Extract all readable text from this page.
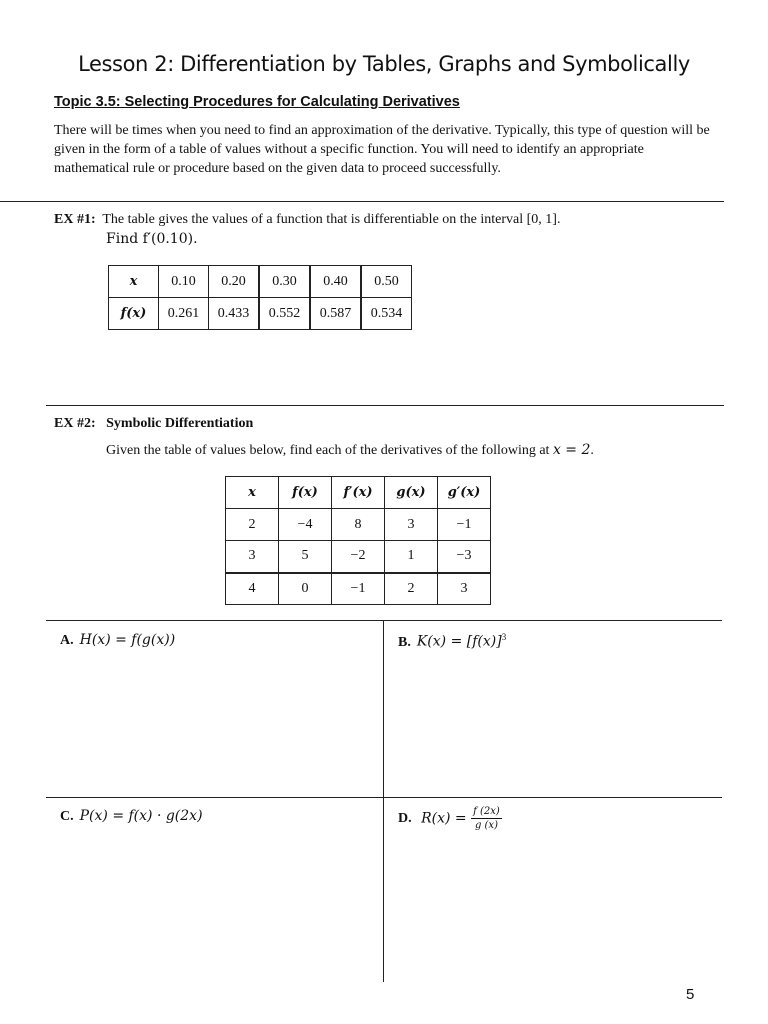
Lesson 2: Differentiation by Tables, Graphs and Symbolically
Topic 3.5: Selecting Procedures for Calculating Derivatives
There will be times when you need to find an approximation of the derivative. Typically, this type of question will be given in the form of a table of values without a specific function. You will need to identify an appropriate mathematical rule or procedure based on the given data to proceed successfully.
EX #1: The table gives the values of a function that is differentiable on the interval [0, 1].
Find f′(0.10).
x	0.10	0.20	0.30	0.40	0.50
f(x)	0.261	0.433	0.552	0.587	0.534
EX #2: Symbolic Differentiation
Given the table of values below, find each of the derivatives of the following at x = 2.
x	f(x)	f′(x)	g(x)	g′(x)
2	−4	8	3	−1
3	5	−2	1	−3
4	0	−1	2	3
A. H(x) = f(g(x))	B. $K(x) = [f(x)]^3$
C. P(x) = f(x) · g(2x)	D. $R(x) = \frac{f (2x)}{g (x)}$
5
